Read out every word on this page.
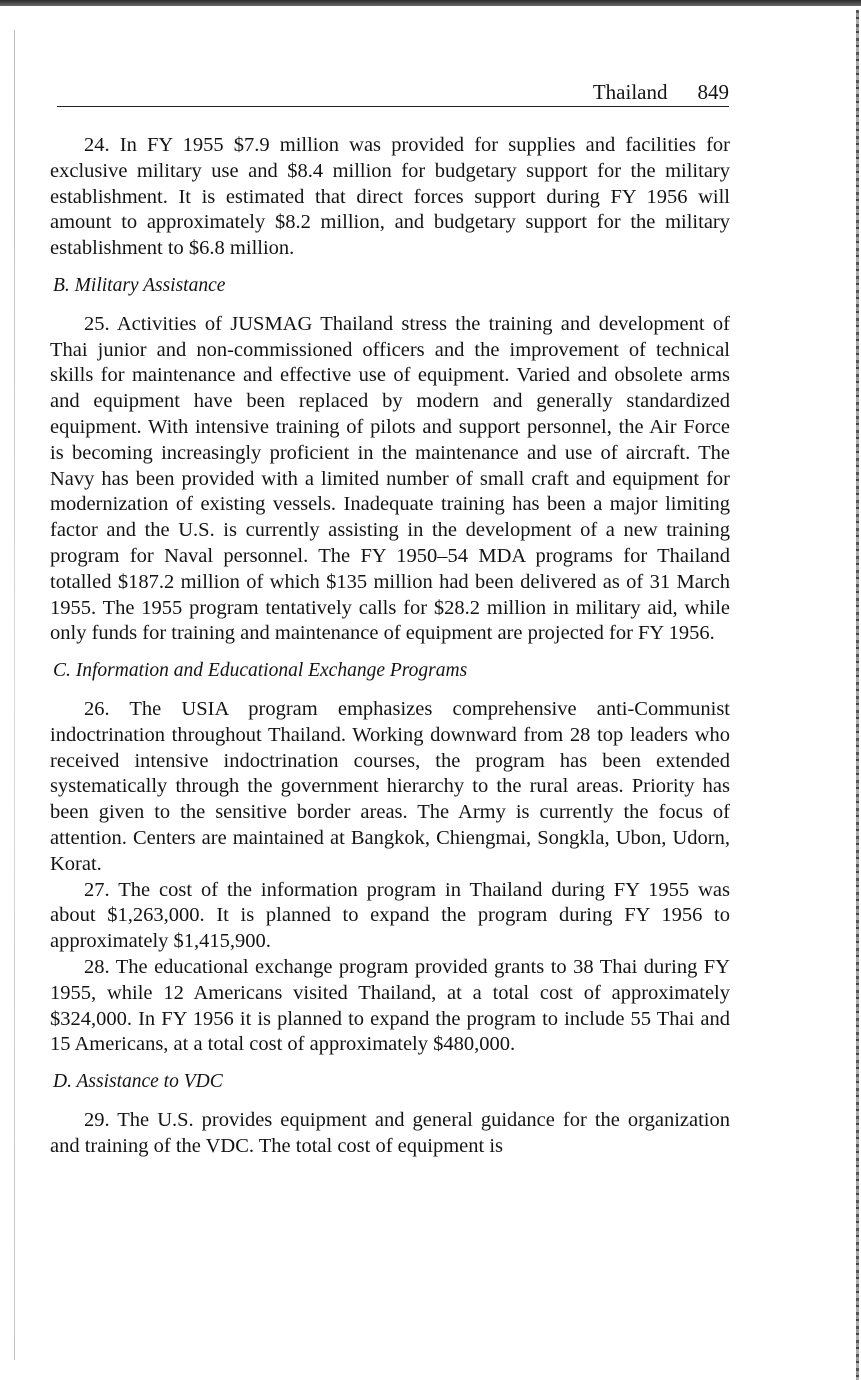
Thailand 849

24. In FY 1955 $7.9 million was provided for supplies and facilities for exclusive military use and $8.4 million for budgetary support for the military establishment. It is estimated that direct forces support during FY 1956 will amount to approximately $8.2 million, and budgetary support for the military establishment to $6.8 million.

B. Military Assistance

25. Activities of JUSMAG Thailand stress the training and development of Thai junior and non-commissioned officers and the improvement of technical skills for maintenance and effective use of equipment. Varied and obsolete arms and equipment have been replaced by modern and generally standardized equipment. With intensive training of pilots and support personnel, the Air Force is becoming increasingly proficient in the maintenance and use of aircraft. The Navy has been provided with a limited number of small craft and equipment for modernization of existing vessels. Inadequate training has been a major limiting factor and the U.S. is currently assisting in the development of a new training program for Naval personnel. The FY 1950–54 MDA programs for Thailand totalled $187.2 million of which $135 million had been delivered as of 31 March 1955. The 1955 program tentatively calls for $28.2 million in military aid, while only funds for training and maintenance of equipment are projected for FY 1956.

C. Information and Educational Exchange Programs

26. The USIA program emphasizes comprehensive anti-Communist indoctrination throughout Thailand. Working downward from 28 top leaders who received intensive indoctrination courses, the program has been extended systematically through the government hierarchy to the rural areas. Priority has been given to the sensitive border areas. The Army is currently the focus of attention. Centers are maintained at Bangkok, Chiengmai, Songkla, Ubon, Udorn, Korat.

27. The cost of the information program in Thailand during FY 1955 was about $1,263,000. It is planned to expand the program during FY 1956 to approximately $1,415,900.

28. The educational exchange program provided grants to 38 Thai during FY 1955, while 12 Americans visited Thailand, at a total cost of approximately $324,000. In FY 1956 it is planned to expand the program to include 55 Thai and 15 Americans, at a total cost of approximately $480,000.

D. Assistance to VDC

29. The U.S. provides equipment and general guidance for the organization and training of the VDC. The total cost of equipment is
